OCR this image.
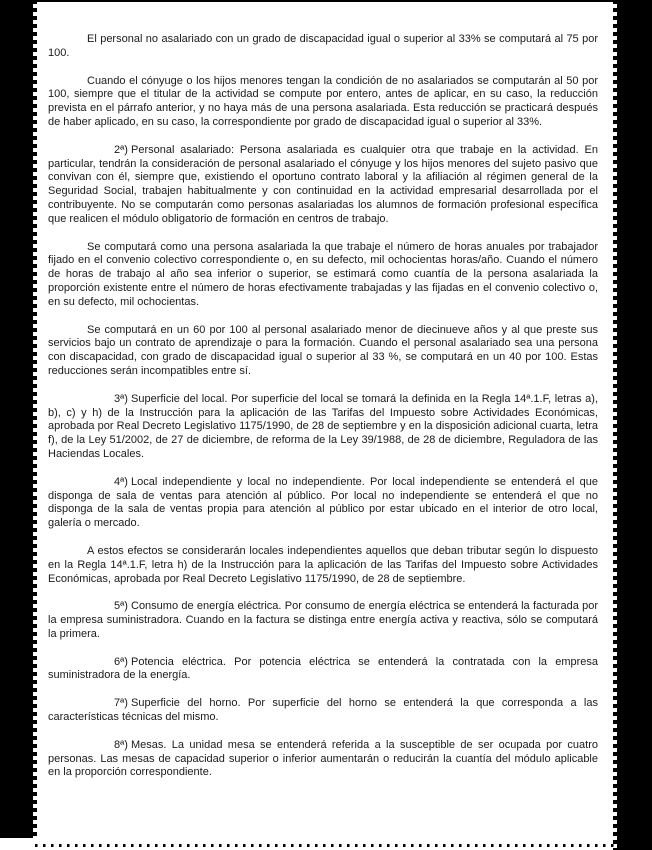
El personal no asalariado con un grado de discapacidad igual o superior al 33% se computará al 75 por 100.

Cuando el cónyuge o los hijos menores tengan la condición de no asalariados se computarán al 50 por 100, siempre que el titular de la actividad se compute por entero, antes de aplicar, en su caso, la reducción prevista en el párrafo anterior, y no haya más de una persona asalariada. Esta reducción se practicará después de haber aplicado, en su caso, la correspondiente por grado de discapacidad igual o superior al 33%.

2ª) Personal asalariado: Persona asalariada es cualquier otra que trabaje en la actividad. En particular, tendrán la consideración de personal asalariado el cónyuge y los hijos menores del sujeto pasivo que convivan con él, siempre que, existiendo el oportuno contrato laboral y la afiliación al régimen general de la Seguridad Social, trabajen habitualmente y con continuidad en la actividad empresarial desarrollada por el contribuyente. No se computarán como personas asalariadas los alumnos de formación profesional específica que realicen el módulo obligatorio de formación en centros de trabajo.

Se computará como una persona asalariada la que trabaje el número de horas anuales por trabajador fijado en el convenio colectivo correspondiente o, en su defecto, mil ochocientas horas/año. Cuando el número de horas de trabajo al año sea inferior o superior, se estimará como cuantía de la persona asalariada la proporción existente entre el número de horas efectivamente trabajadas y las fijadas en el convenio colectivo o, en su defecto, mil ochocientas.

Se computará en un 60 por 100 al personal asalariado menor de diecinueve años y al que preste sus servicios bajo un contrato de aprendizaje o para la formación. Cuando el personal asalariado sea una persona con discapacidad, con grado de discapacidad igual o superior al 33 %, se computará en un 40 por 100. Estas reducciones serán incompatibles entre sí.

3ª) Superficie del local. Por superficie del local se tomará la definida en la Regla 14ª.1.F, letras a), b), c) y h) de la Instrucción para la aplicación de las Tarifas del Impuesto sobre Actividades Económicas, aprobada por Real Decreto Legislativo 1175/1990, de 28 de septiembre y en la disposición adicional cuarta, letra f), de la Ley 51/2002, de 27 de diciembre, de reforma de la Ley 39/1988, de 28 de diciembre, Reguladora de las Haciendas Locales.

4ª) Local independiente y local no independiente. Por local independiente se entenderá el que disponga de sala de ventas para atención al público. Por local no independiente se entenderá el que no disponga de la sala de ventas propia para atención al público por estar ubicado en el interior de otro local, galería o mercado.

A estos efectos se considerarán locales independientes aquellos que deban tributar según lo dispuesto en la Regla 14ª.1.F, letra h) de la Instrucción para la aplicación de las Tarifas del Impuesto sobre Actividades Económicas, aprobada por Real Decreto Legislativo 1175/1990, de 28 de septiembre.

5ª) Consumo de energía eléctrica. Por consumo de energía eléctrica se entenderá la facturada por la empresa suministradora. Cuando en la factura se distinga entre energía activa y reactiva, sólo se computará la primera.

6ª) Potencia eléctrica. Por potencia eléctrica se entenderá la contratada con la empresa suministradora de la energía.

7ª) Superficie del horno. Por superficie del horno se entenderá la que corresponda a las características técnicas del mismo.

8ª) Mesas. La unidad mesa se entenderá referida a la susceptible de ser ocupada por cuatro personas. Las mesas de capacidad superior o inferior aumentarán o reducirán la cuantía del módulo aplicable en la proporción correspondiente.
